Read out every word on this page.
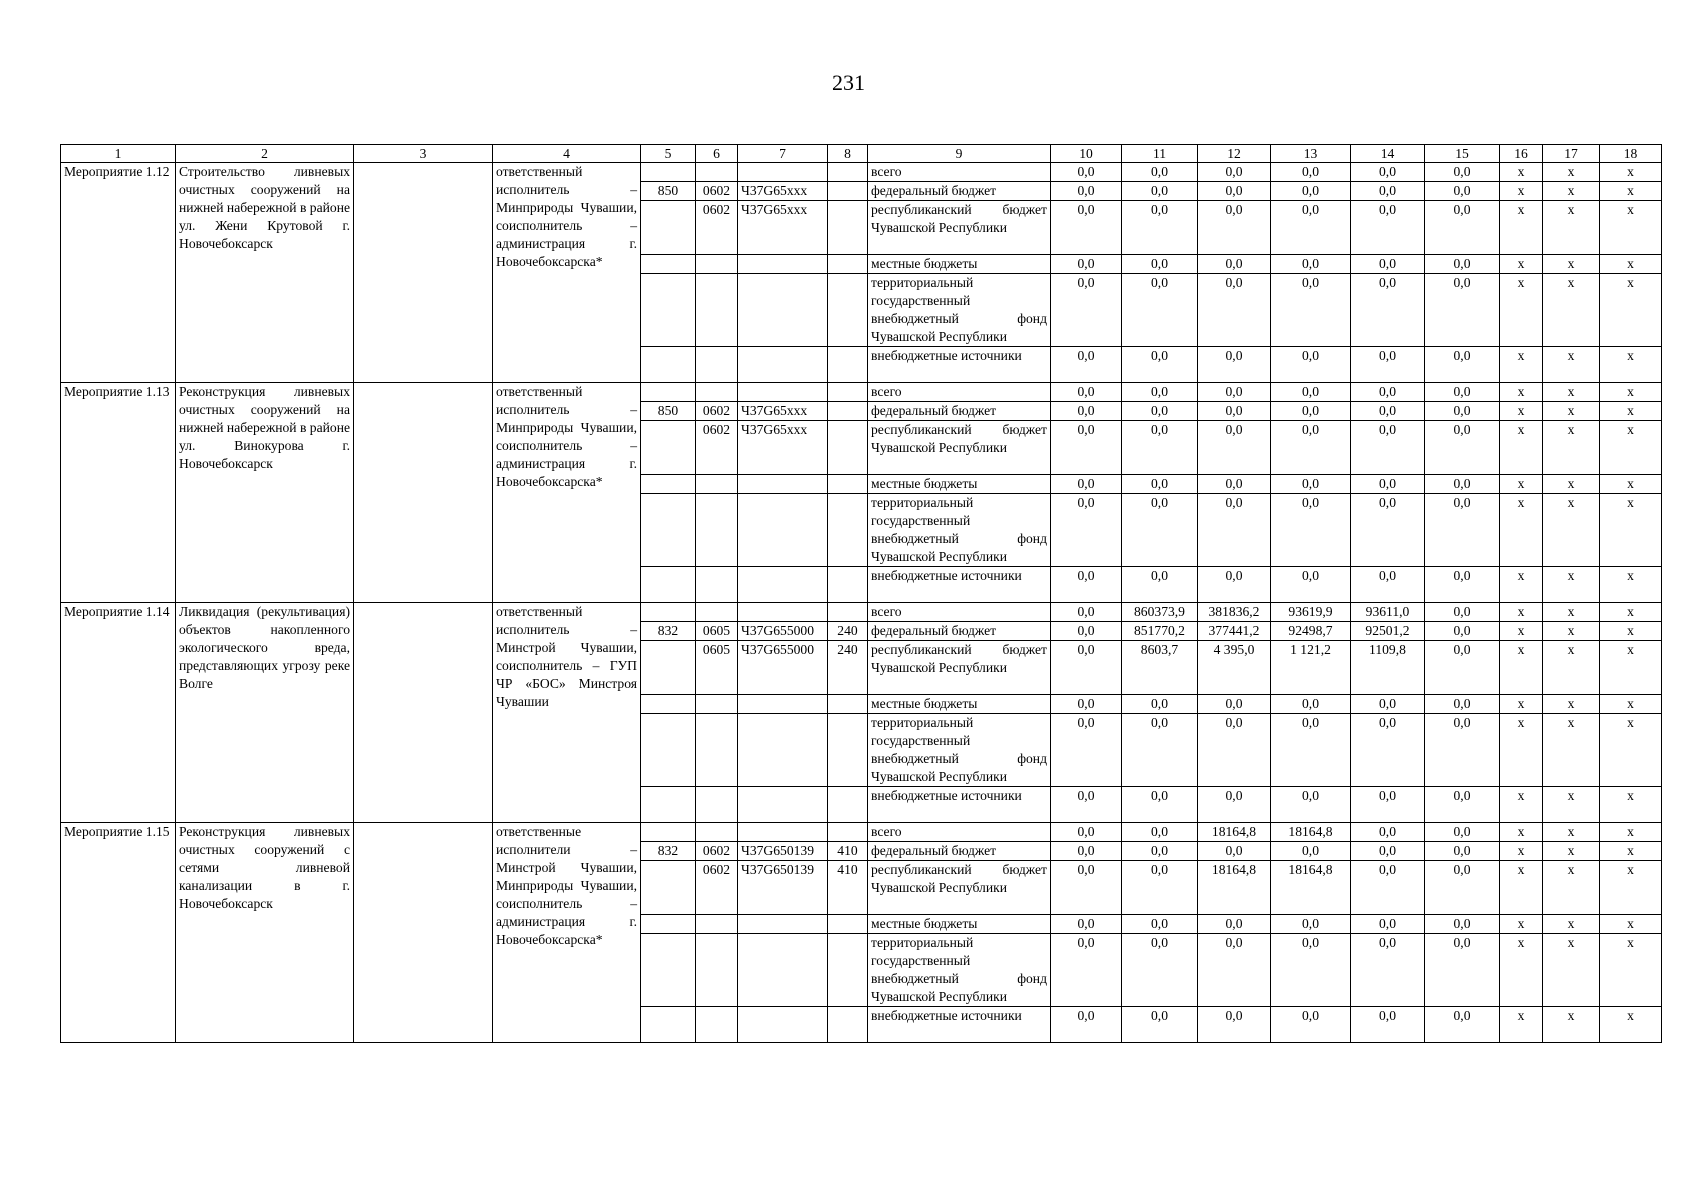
231
1	2	3	4	5	6	7	8	9	10	11	12	13	14	15	16	17	18
Мероприятие 1.12	Строительство ливневых очистных сооружений на нижней набережной в районе ул. Жени Крутовой г. Новочебоксарск		ответственный исполнитель – Минприроды Чувашии, соисполнитель – администрация г. Новочебоксарска*					всего	0,0	0,0	0,0	0,0	0,0	0,0	x	x	x
				850	0602	Ч37G65ххх		федеральный бюджет	0,0	0,0	0,0	0,0	0,0	0,0	x	x	x
					0602	Ч37G65ххх		республиканский бюджет Чувашской Республики	0,0	0,0	0,0	0,0	0,0	0,0	x	x	x
								местные бюджеты	0,0	0,0	0,0	0,0	0,0	0,0	x	x	x
								территориальный государственный внебюджетный фонд Чувашской Республики	0,0	0,0	0,0	0,0	0,0	0,0	x	x	x
								внебюджетные источники	0,0	0,0	0,0	0,0	0,0	0,0	x	x	x
Мероприятие 1.13	Реконструкция ливневых очистных сооружений на нижней набережной в районе ул. Винокурова г. Новочебоксарск		ответственный исполнитель – Минприроды Чувашии, соисполнитель – администрация г. Новочебоксарска*					всего	0,0	0,0	0,0	0,0	0,0	0,0	x	x	x
				850	0602	Ч37G65ххх		федеральный бюджет	0,0	0,0	0,0	0,0	0,0	0,0	x	x	x
					0602	Ч37G65ххх		республиканский бюджет Чувашской Республики	0,0	0,0	0,0	0,0	0,0	0,0	x	x	x
								местные бюджеты	0,0	0,0	0,0	0,0	0,0	0,0	x	x	x
								территориальный государственный внебюджетный фонд Чувашской Республики	0,0	0,0	0,0	0,0	0,0	0,0	x	x	x
								внебюджетные источники	0,0	0,0	0,0	0,0	0,0	0,0	x	x	x
Мероприятие 1.14	Ликвидация (рекультивация) объектов накопленного экологического вреда, представляющих угрозу реке Волге		ответственный исполнитель – Минстрой Чувашии, соисполнитель – ГУП ЧР «БОС» Минстроя Чувашии					всего	0,0	860373,9	381836,2	93619,9	93611,0	0,0	x	x	x
				832	0605	Ч37G655000	240	федеральный бюджет	0,0	851770,2	377441,2	92498,7	92501,2	0,0	x	x	x
					0605	Ч37G655000	240	республиканский бюджет Чувашской Республики	0,0	8603,7	4 395,0	1 121,2	1109,8	0,0	x	x	x
								местные бюджеты	0,0	0,0	0,0	0,0	0,0	0,0	x	x	x
								территориальный государственный внебюджетный фонд Чувашской Республики	0,0	0,0	0,0	0,0	0,0	0,0	x	x	x
								внебюджетные источники	0,0	0,0	0,0	0,0	0,0	0,0	x	x	x
Мероприятие 1.15	Реконструкция ливневых очистных сооружений с сетями ливневой канализации в г. Новочебоксарск		ответственные исполнители – Минстрой Чувашии, Минприроды Чувашии, соисполнитель – администрация г. Новочебоксарска*					всего	0,0	0,0	18164,8	18164,8	0,0	0,0	x	x	x
				832	0602	Ч37G650139	410	федеральный бюджет	0,0	0,0	0,0	0,0	0,0	0,0	x	x	x
					0602	Ч37G650139	410	республиканский бюджет Чувашской Республики	0,0	0,0	18164,8	18164,8	0,0	0,0	x	x	x
								местные бюджеты	0,0	0,0	0,0	0,0	0,0	0,0	x	x	x
								территориальный государственный внебюджетный фонд Чувашской Республики	0,0	0,0	0,0	0,0	0,0	0,0	x	x	x
								внебюджетные источники	0,0	0,0	0,0	0,0	0,0	0,0	x	x	x
